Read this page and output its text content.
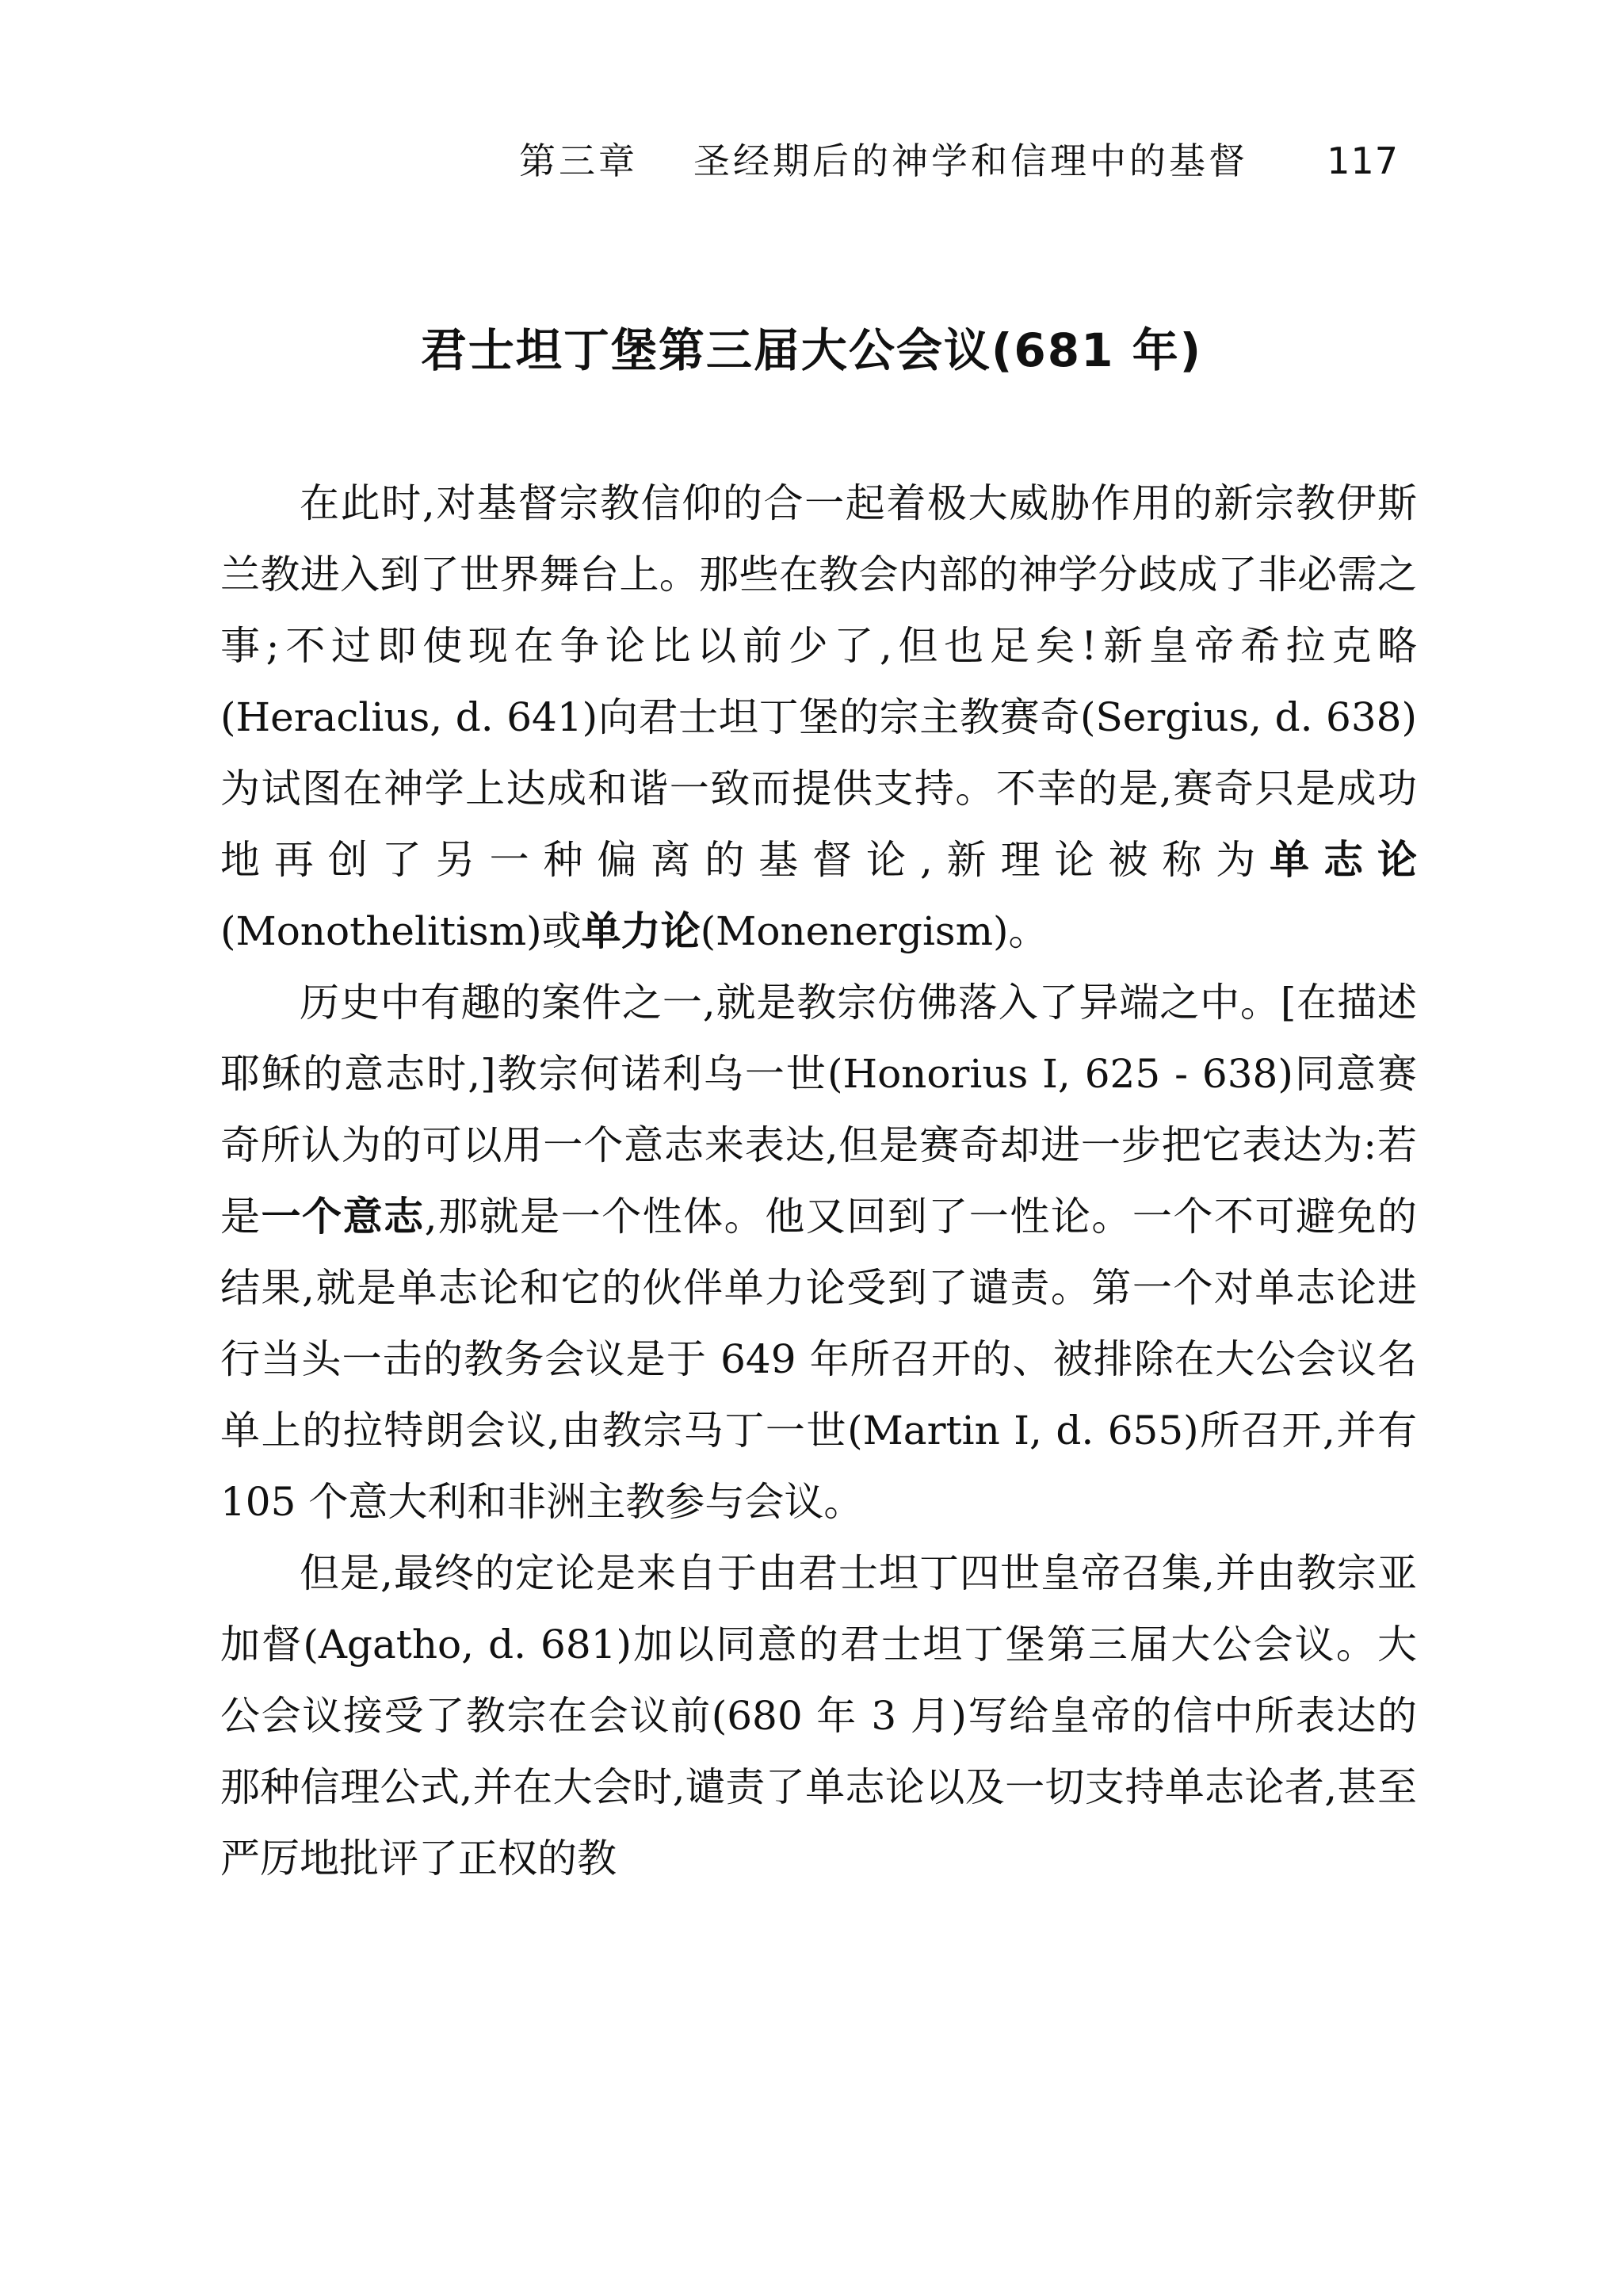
第三章 圣经期后的神学和信理中的基督 117
君士坦丁堡第三届大公会议(681 年)

在此时,对基督宗教信仰的合一起着极大威胁作用的新宗教伊斯兰教进入到了世界舞台上。那些在教会内部的神学分歧成了非必需之事;不过即使现在争论比以前少了,但也足矣!新皇帝希拉克略(Heraclius, d. 641)向君士坦丁堡的宗主教赛奇(Sergius, d. 638)为试图在神学上达成和谐一致而提供支持。不幸的是,赛奇只是成功地再创了另一种偏离的基督论,新理论被称为单志论(Monothelitism)或单力论(Monenergism)。

历史中有趣的案件之一,就是教宗仿佛落入了异端之中。[在描述耶稣的意志时,]教宗何诺利乌一世(Honorius I, 625 - 638)同意赛奇所认为的可以用一个意志来表达,但是赛奇却进一步把它表达为:若是一个意志,那就是一个性体。他又回到了一性论。一个不可避免的结果,就是单志论和它的伙伴单力论受到了谴责。第一个对单志论进行当头一击的教务会议是于 649 年所召开的、被排除在大公会议名单上的拉特朗会议,由教宗马丁一世(Martin I, d. 655)所召开,并有 105 个意大利和非洲主教参与会议。

但是,最终的定论是来自于由君士坦丁四世皇帝召集,并由教宗亚加督(Agatho, d. 681)加以同意的君士坦丁堡第三届大公会议。大公会议接受了教宗在会议前(680 年 3 月)写给皇帝的信中所表达的那种信理公式,并在大会时,谴责了单志论以及一切支持单志论者,甚至严厉地批评了正权的教
